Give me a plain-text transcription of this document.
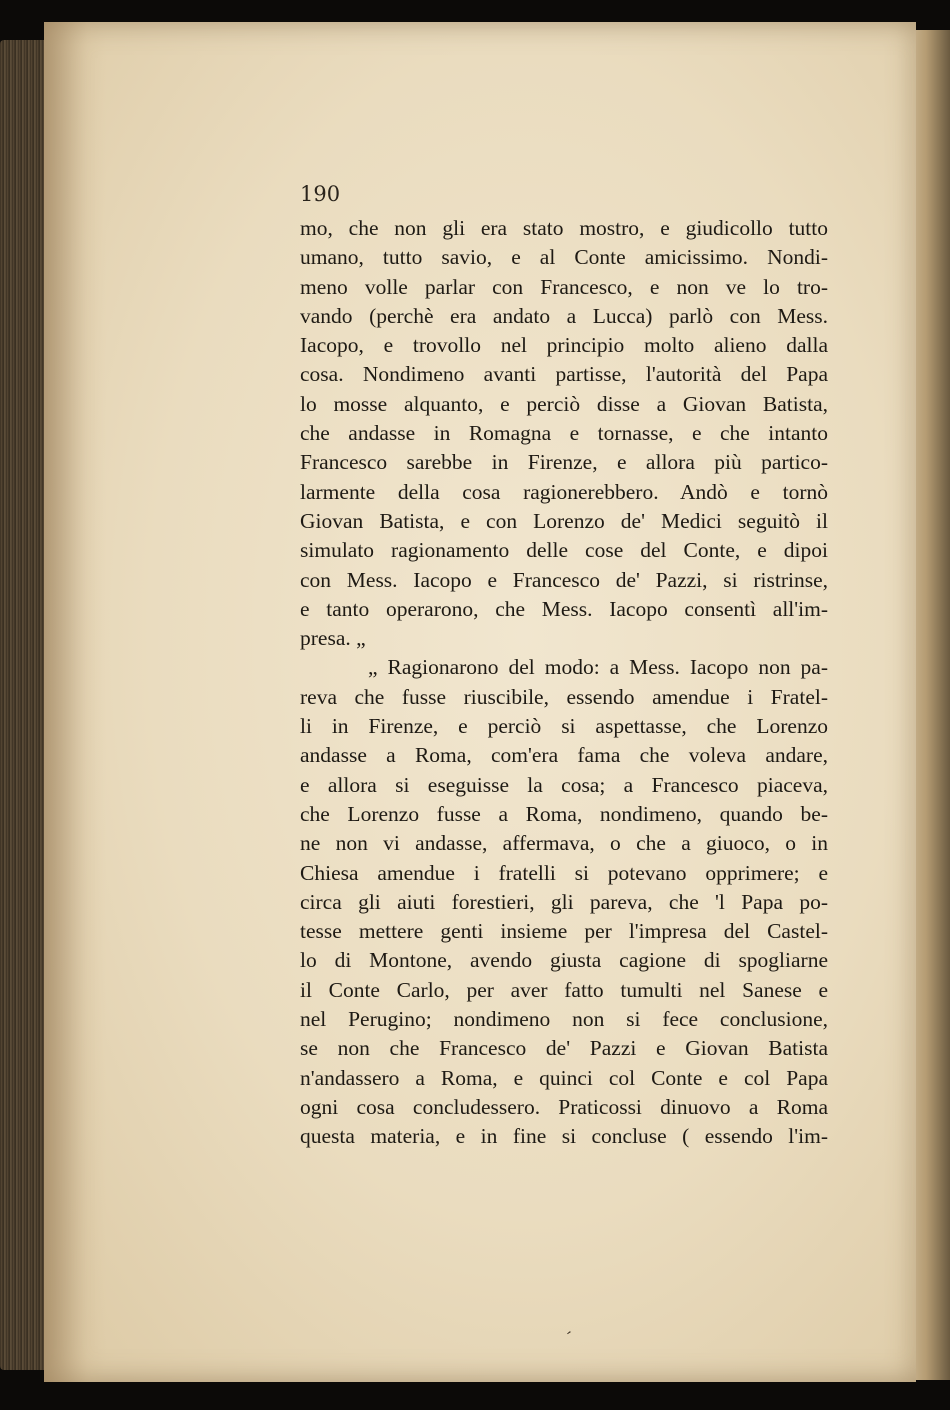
190

mo, che non gli era stato mostro, e giudicollo tutto

umano, tutto savio, e al Conte amicissimo. Nondi-

meno volle parlar con Francesco, e non ve lo tro-

vando (perchè era andato a Lucca) parlò con Mess.

Iacopo, e trovollo nel principio molto alieno dalla

cosa. Nondimeno avanti partisse, l'autorità del Papa

lo mosse alquanto, e perciò disse a Giovan Batista,

che andasse in Romagna e tornasse, e che intanto

Francesco sarebbe in Firenze, e allora più partico-

larmente della cosa ragionerebbero. Andò e tornò

Giovan Batista, e con Lorenzo de' Medici seguitò il

simulato ragionamento delle cose del Conte, e dipoi

con Mess. Iacopo e Francesco de' Pazzi, si ristrinse,

e tanto operarono, che Mess. Iacopo consentì all'im-

presa. „

„ Ragionarono del modo: a Mess. Iacopo non pa-

reva che fusse riuscibile, essendo amendue i Fratel-

li in Firenze, e perciò si aspettasse, che Lorenzo

andasse a Roma, com'era fama che voleva andare,

e allora si eseguisse la cosa; a Francesco piaceva,

che Lorenzo fusse a Roma, nondimeno, quando be-

ne non vi andasse, affermava, o che a giuoco, o in

Chiesa amendue i fratelli si potevano opprimere; e

circa gli aiuti forestieri, gli pareva, che 'l Papa po-

tesse mettere genti insieme per l'impresa del Castel-

lo di Montone, avendo giusta cagione di spogliarne

il Conte Carlo, per aver fatto tumulti nel Sanese e

nel Perugino; nondimeno non si fece conclusione,

se non che Francesco de' Pazzi e Giovan Batista

n'andassero a Roma, e quinci col Conte e col Papa

ogni cosa concludessero. Praticossi dinuovo a Roma

questa materia, e in fine si concluse ( essendo l'im-

′
